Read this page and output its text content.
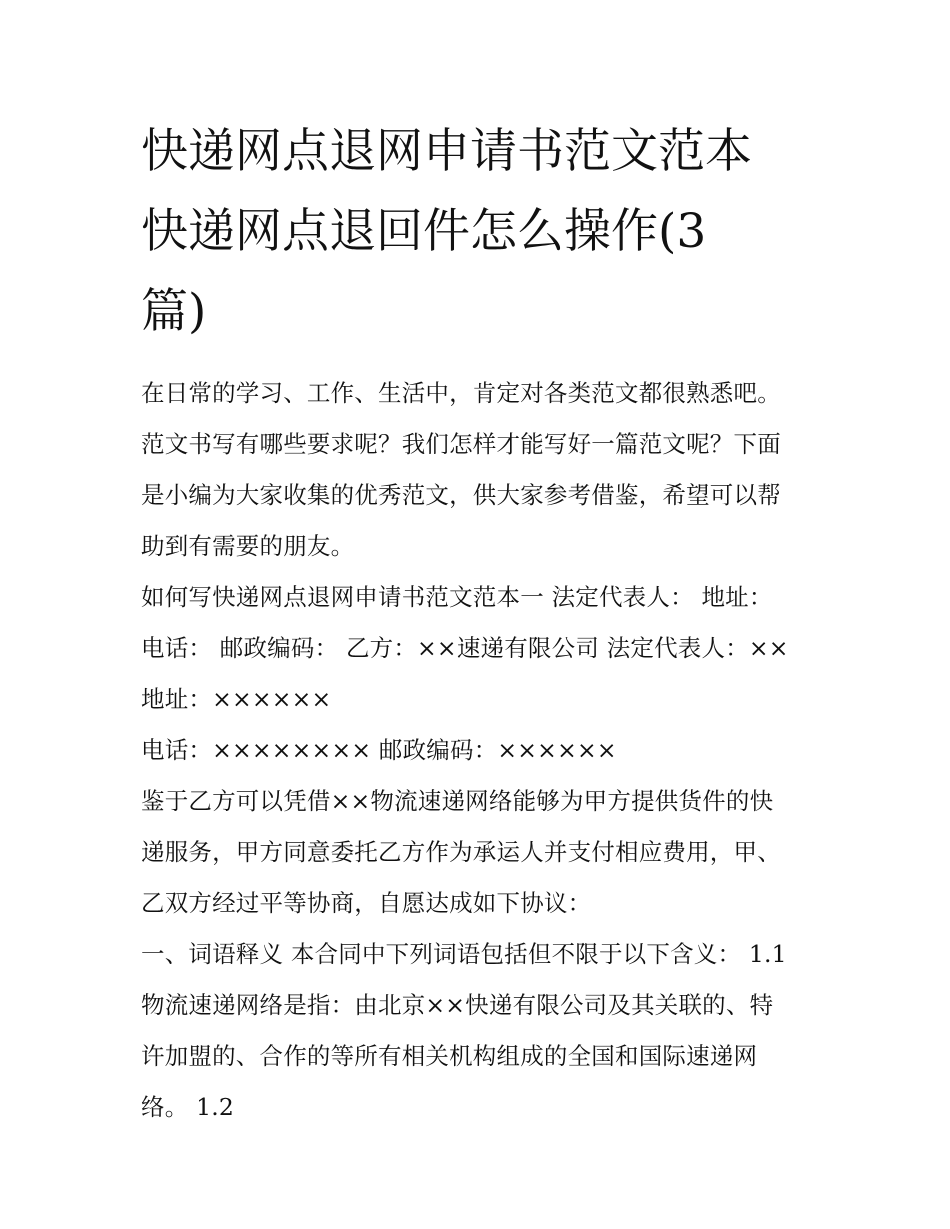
快递网点退网申请书范文范本
快递网点退回件怎么操作(3
篇)
在日常的学习、工作、生活中，肯定对各类范文都很熟悉吧。
范文书写有哪些要求呢？我们怎样才能写好一篇范文呢？下面
是小编为大家收集的优秀范文，供大家参考借鉴，希望可以帮
助到有需要的朋友。
如何写快递网点退网申请书范文范本一 法定代表人： 地址：
电话： 邮政编码： 乙方：××速递有限公司 法定代表人：××
地址：××××××
电话：×××××××× 邮政编码：××××××
鉴于乙方可以凭借××物流速递网络能够为甲方提供货件的快
递服务，甲方同意委托乙方作为承运人并支付相应费用，甲、
乙双方经过平等协商，自愿达成如下协议：
一、词语释义 本合同中下列词语包括但不限于以下含义： 1.1
物流速递网络是指：由北京××快递有限公司及其关联的、特
许加盟的、合作的等所有相关机构组成的全国和国际速递网
络。 1.2
